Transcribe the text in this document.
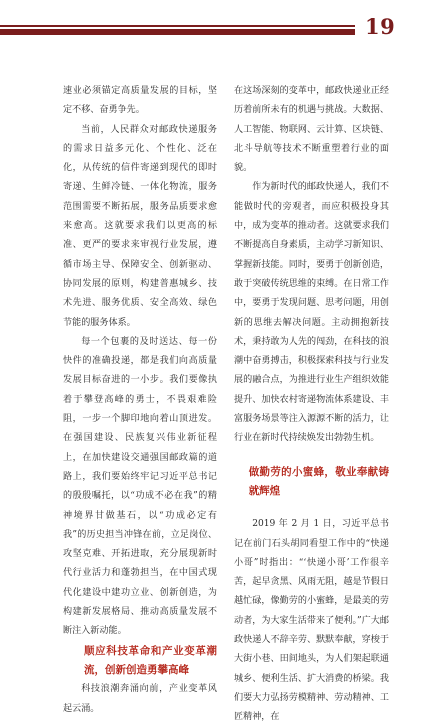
19

速业必须锚定高质量发展的目标，坚定不移、奋勇争先。

当前，人民群众对邮政快递服务的需求日益多元化、个性化、泛在化，从传统的信件寄递到现代的即时寄递、生鲜冷链、一体化物流，服务范围需要不断拓展，服务品质要求愈来愈高。这就要求我们以更高的标准、更严的要求来审视行业发展，遵循市场主导、保障安全、创新驱动、协同发展的原则，构建普惠城乡、技术先进、服务优质、安全高效、绿色节能的服务体系。

每一个包裹的及时送达、每一份快件的准确投递，都是我们向高质量发展目标奋进的一小步。我们要像执着于攀登高峰的勇士，不畏艰难险阻，一步一个脚印地向着山顶进发。在强国建设、民族复兴伟业新征程上，在加快建设交通强国邮政篇的道路上，我们要始终牢记习近平总书记的殷殷嘱托，以“功成不必在我”的精神境界甘做基石，以“功成必定有我”的历史担当冲锋在前，立足岗位、攻坚克难、开拓进取，充分展现新时代行业活力和蓬勃担当，在中国式现代化建设中建功立业、创新创造，为构建新发展格局、推动高质量发展不断注入新动能。

顺应科技革命和产业变革潮流，创新创造勇攀高峰

科技浪潮奔涌向前，产业变革风起云涌。

在这场深刻的变革中，邮政快递业正经历着前所未有的机遇与挑战。大数据、人工智能、物联网、云计算、区块链、北斗导航等技术不断重塑着行业的面貌。

作为新时代的邮政快递人，我们不能做时代的旁观者，而应积极投身其中，成为变革的推动者。这就要求我们不断提高自身素质，主动学习新知识、掌握新技能。同时，要勇于创新创造，敢于突破传统思维的束缚。在日常工作中，要勇于发现问题、思考问题，用创新的思维去解决问题。主动拥抱新技术，秉持敢为人先的闯劲，在科技的浪潮中奋勇搏击，积极探索科技与行业发展的融合点，为推进行业生产组织效能提升、加快农村寄递物流体系建设、丰富服务场景等注入源源不断的活力，让行业在新时代持续焕发出勃勃生机。

做勤劳的小蜜蜂，敬业奉献铸就辉煌

2019 年 2 月 1 日，习近平总书记在前门石头胡同看望工作中的“快递小哥”时指出：“‘快递小哥’工作很辛苦，起早贪黑、风雨无阻，越是节假日越忙碌，像勤劳的小蜜蜂，是最美的劳动者，为大家生活带来了便利。”广大邮政快递人不辞辛劳、默默奉献，穿梭于大街小巷、田间地头，为人们架起联通城乡、便利生活、扩大消费的桥梁。我们要大力弘扬劳模精神、劳动精神、工匠精神，在
